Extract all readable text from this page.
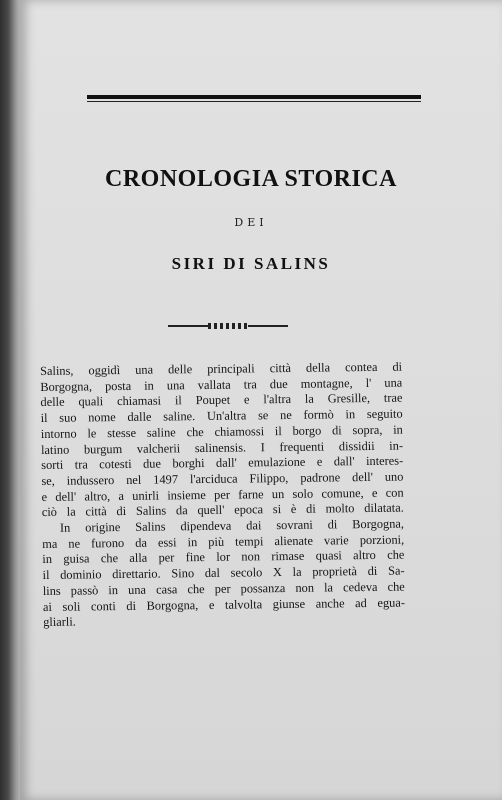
CRONOLOGIA STORICA
DEI
SIRI DI SALINS
Salins, oggidì una delle principali città della contea di
Borgogna, posta in una vallata tra due montagne, l' una
delle quali chiamasi il Poupet e l'altra la Gresille, trae
il suo nome dalle saline. Un'altra se ne formò in seguito
intorno le stesse saline che chiamossi il borgo di sopra, in
latino burgum valcherii salinensis. I frequenti dissidii in-
sorti tra cotesti due borghi dall' emulazione e dall' interes-
se, indussero nel 1497 l'arciduca Filippo, padrone dell' uno
e dell' altro, a unirli insieme per farne un solo comune, e con
ciò la città di Salins da quell' epoca si è di molto dilatata.
In origine Salins dipendeva dai sovrani di Borgogna,
ma ne furono da essi in più tempi alienate varie porzioni,
in guisa che alla per fine lor non rimase quasi altro che
il dominio direttario. Sino dal secolo X la proprietà di Sa-
lins passò in una casa che per possanza non la cedeva che
ai soli conti di Borgogna, e talvolta giunse anche ad egua-
gliarli.
